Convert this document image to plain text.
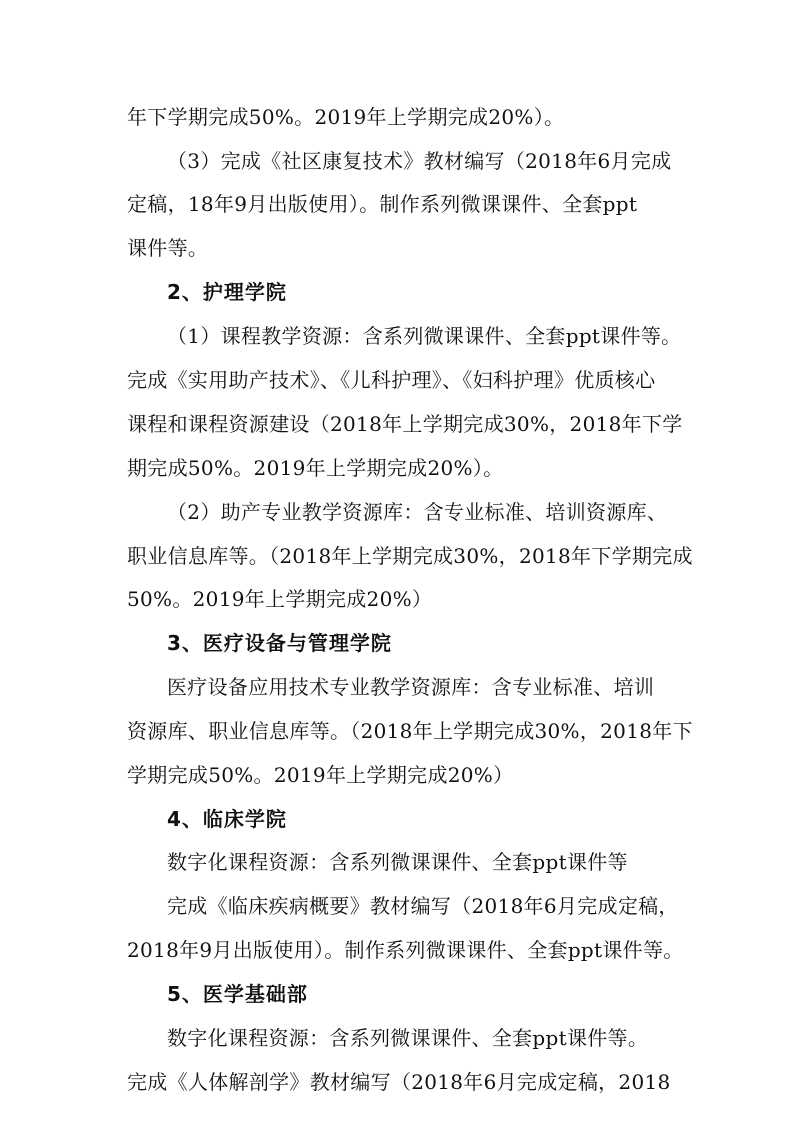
年下学期完成50%。2019年上学期完成20%）。
（3）完成《社区康复技术》教材编写（2018年6月完成
定稿，18年9月出版使用）。制作系列微课课件、全套ppt
课件等。
2、护理学院
（1）课程教学资源：含系列微课课件、全套ppt课件等。
完成《实用助产技术》、《儿科护理》、《妇科护理》优质核心
课程和课程资源建设（2018年上学期完成30%，2018年下学
期完成50%。2019年上学期完成20%）。
（2）助产专业教学资源库：含专业标准、培训资源库、
职业信息库等。（2018年上学期完成30%，2018年下学期完成
50%。2019年上学期完成20%）
3、医疗设备与管理学院
医疗设备应用技术专业教学资源库：含专业标准、培训
资源库、职业信息库等。（2018年上学期完成30%，2018年下
学期完成50%。2019年上学期完成20%）
4、临床学院
数字化课程资源：含系列微课课件、全套ppt课件等
完成《临床疾病概要》教材编写（2018年6月完成定稿，
2018年9月出版使用）。制作系列微课课件、全套ppt课件等。
5、医学基础部
数字化课程资源：含系列微课课件、全套ppt课件等。
完成《人体解剖学》教材编写（2018年6月完成定稿，2018
